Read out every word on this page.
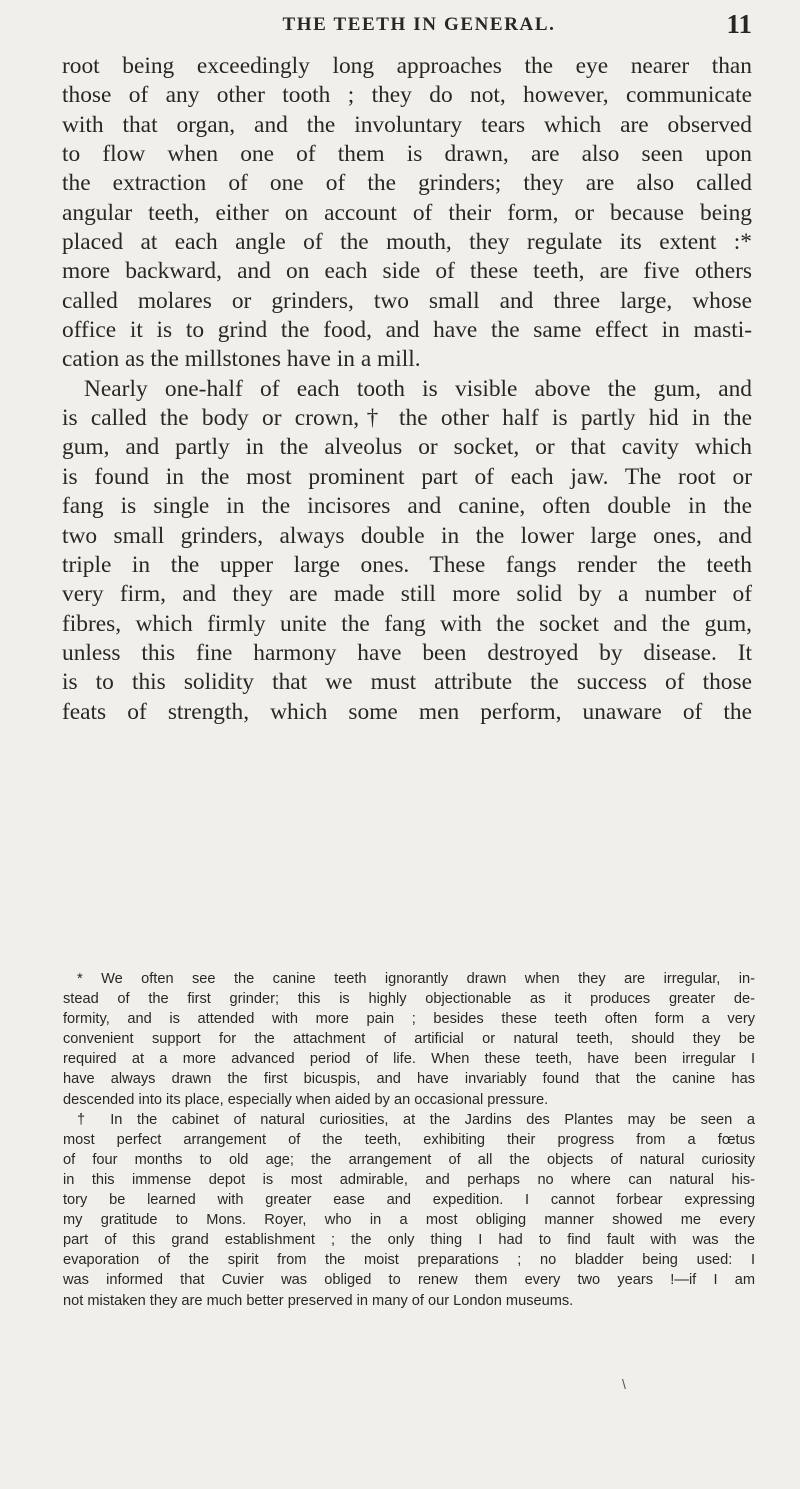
THE TEETH IN GENERAL.	11
root being exceedingly long approaches the eye nearer than
those of any other tooth ; they do not, however, communicate
with that organ, and the involuntary tears which are observed
to flow when one of them is drawn, are also seen upon
the extraction of one of the grinders; they are also called
angular teeth, either on account of their form, or because being
placed at each angle of the mouth, they regulate its extent :*
more backward, and on each side of these teeth, are five others
called molares or grinders, two small and three large, whose
office it is to grind the food, and have the same effect in masti-
cation as the millstones have in a mill.
Nearly one-half of each tooth is visible above the gum, and
is called the body or crown,† the other half is partly hid in the
gum, and partly in the alveolus or socket, or that cavity which
is found in the most prominent part of each jaw. The root or
fang is single in the incisores and canine, often double in the
two small grinders, always double in the lower large ones, and
triple in the upper large ones. These fangs render the teeth
very firm, and they are made still more solid by a number of
fibres, which firmly unite the fang with the socket and the gum,
unless this fine harmony have been destroyed by disease. It
is to this solidity that we must attribute the success of those
feats of strength, which some men perform, unaware of the
* We often see the canine teeth ignorantly drawn when they are irregular, in-
stead of the first grinder; this is highly objectionable as it produces greater de-
formity, and is attended with more pain ; besides these teeth often form a very
convenient support for the attachment of artificial or natural teeth, should they be
required at a more advanced period of life. When these teeth, have been irregular I
have always drawn the first bicuspis, and have invariably found that the canine has
descended into its place, especially when aided by an occasional pressure.
† In the cabinet of natural curiosities, at the Jardins des Plantes may be seen a
most perfect arrangement of the teeth, exhibiting their progress from a fœtus
of four months to old age; the arrangement of all the objects of natural curiosity
in this immense depot is most admirable, and perhaps no where can natural his-
tory be learned with greater ease and expedition. I cannot forbear expressing
my gratitude to Mons. Royer, who in a most obliging manner showed me every
part of this grand establishment ; the only thing I had to find fault with was the
evaporation of the spirit from the moist preparations ; no bladder being used: I
was informed that Cuvier was obliged to renew them every two years !—if I am
not mistaken they are much better preserved in many of our London museums.
\
